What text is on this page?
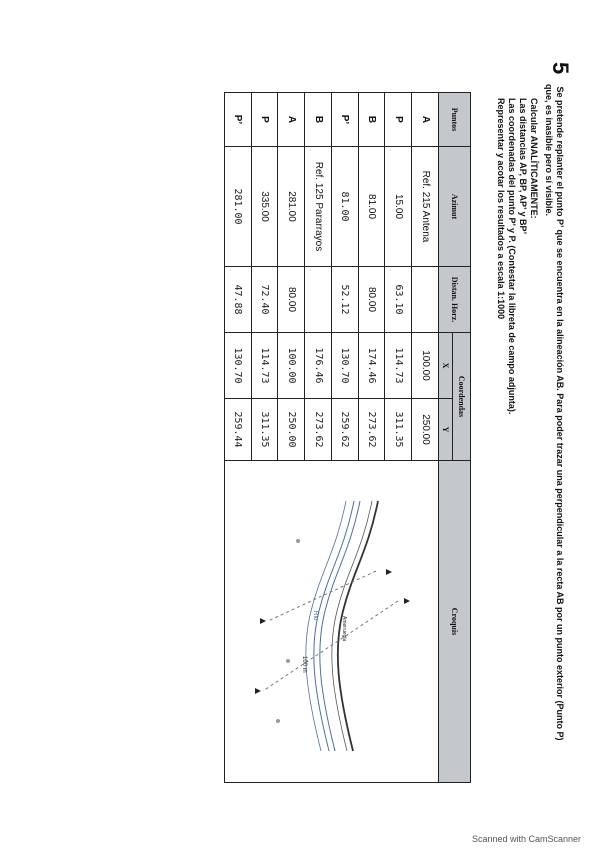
5 Se pretende replanter el punto P’ que se encuentra en la alineación AB. Para poder trazar una perpendicular a la recta AB por un punto exterior (Punto P)
que, es inasible pero sí visible.
Calcular ANALÍTICAMENTE:
Las distancias AP, BP, AP’ y BP’
Las coordenadas del punto P’ y P. (Contestar la libreta de campo adjunta).
Representar y acotar los resultados a escala 1:1000
Puntos	Azimut	Distan. Horz.	Coordendas		Croquis
			X	Y	
A	Ref. 215 Antena		100.00	250.00	Río
Ameiruegla
100 m

P	15.00	63.10	114.73	311.35	
B	81.00	80.00	174.46	273.62	
P’	81.00	52.12	130.70	259.62	
B	Ref. 125 Pararrayos		176.46	273.62	
A	281.00	80.00	100.00	250.00	
P	335.00	72.40	114.73	311.35	
P’	281.00	47.88	130.70	259.44	
Scanned with CamScanner
